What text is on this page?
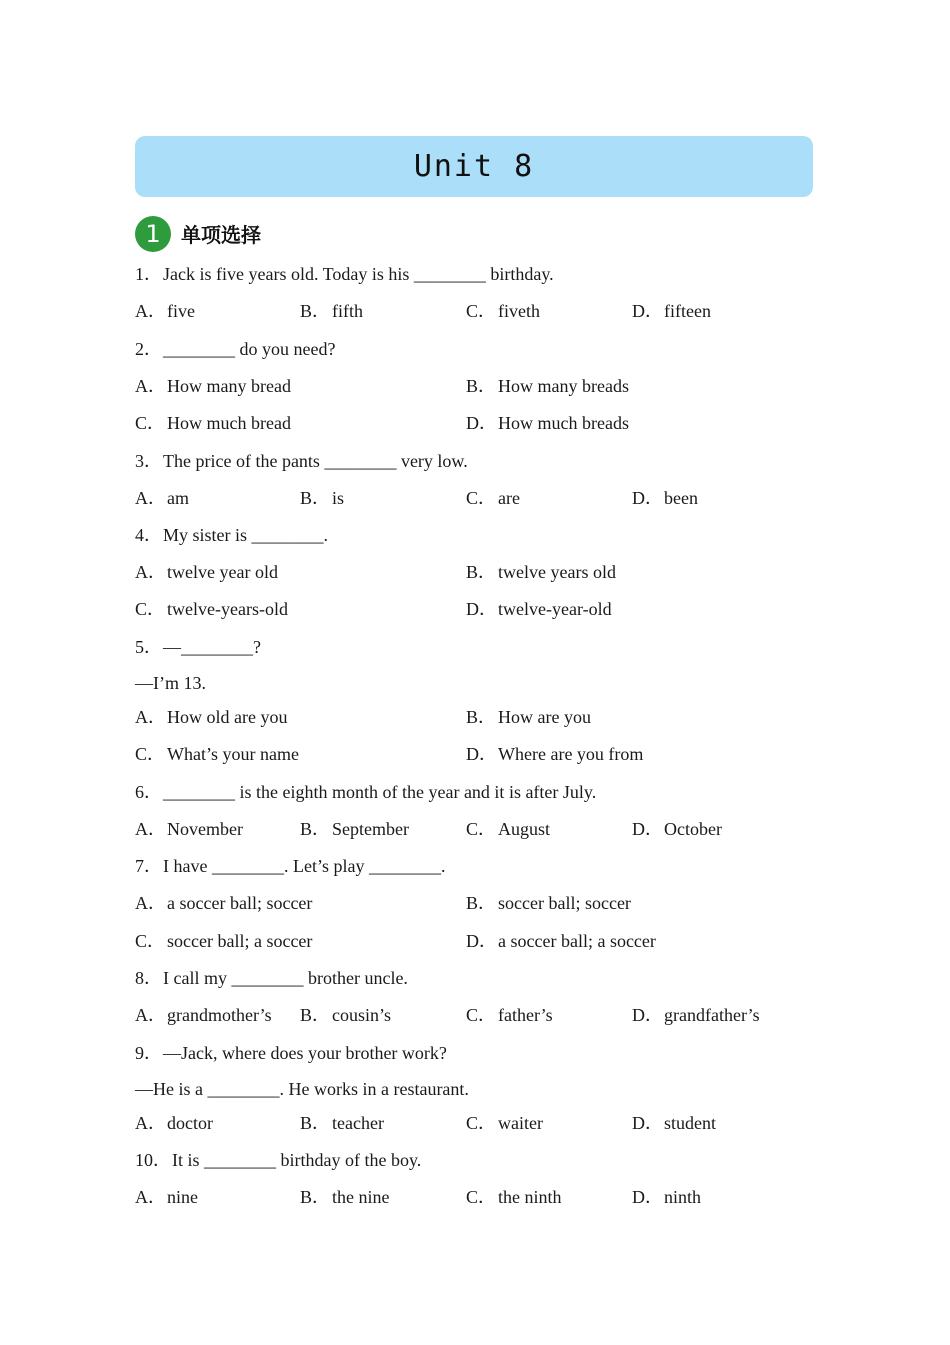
Unit 8
1	单项选择
1．Jack is five years old. Today is his ________ birthday.
A．five	B． fifth	C． fiveth	D．fifteen
2．________ do you need?
A．How many bread	B． How many breads
C． How much bread	D．How much breads
3．The price of the pants ________ very low.
A．am	B． is	C． are	D．been
4．My sister is ________.
A．twelve year old	B． twelve years old
C． twelve-years-old	D．twelve-year-old
5．—________?
—I’m 13.
A．How old are you	B． How are you
C． What’s your name	D．Where are you from
6．________ is the eighth month of the year and it is after July.
A．November	B． September	C． August	D．October
7．I have ________. Let’s play ________.
A．a soccer ball; soccer	B． soccer ball; soccer
C． soccer ball; a soccer	D．a soccer ball; a soccer
8．I call my ________ brother uncle.
A．grandmother’s B． cousin’s	C． father’s	D．grandfather’s
9．—Jack, where does your brother work?
—He is a ________. He works in a restaurant.
A．doctor	B． teacher	C． waiter	D．student
10．It is ________ birthday of the boy.
A．nine	B． the nine	C． the ninth	D．ninth
